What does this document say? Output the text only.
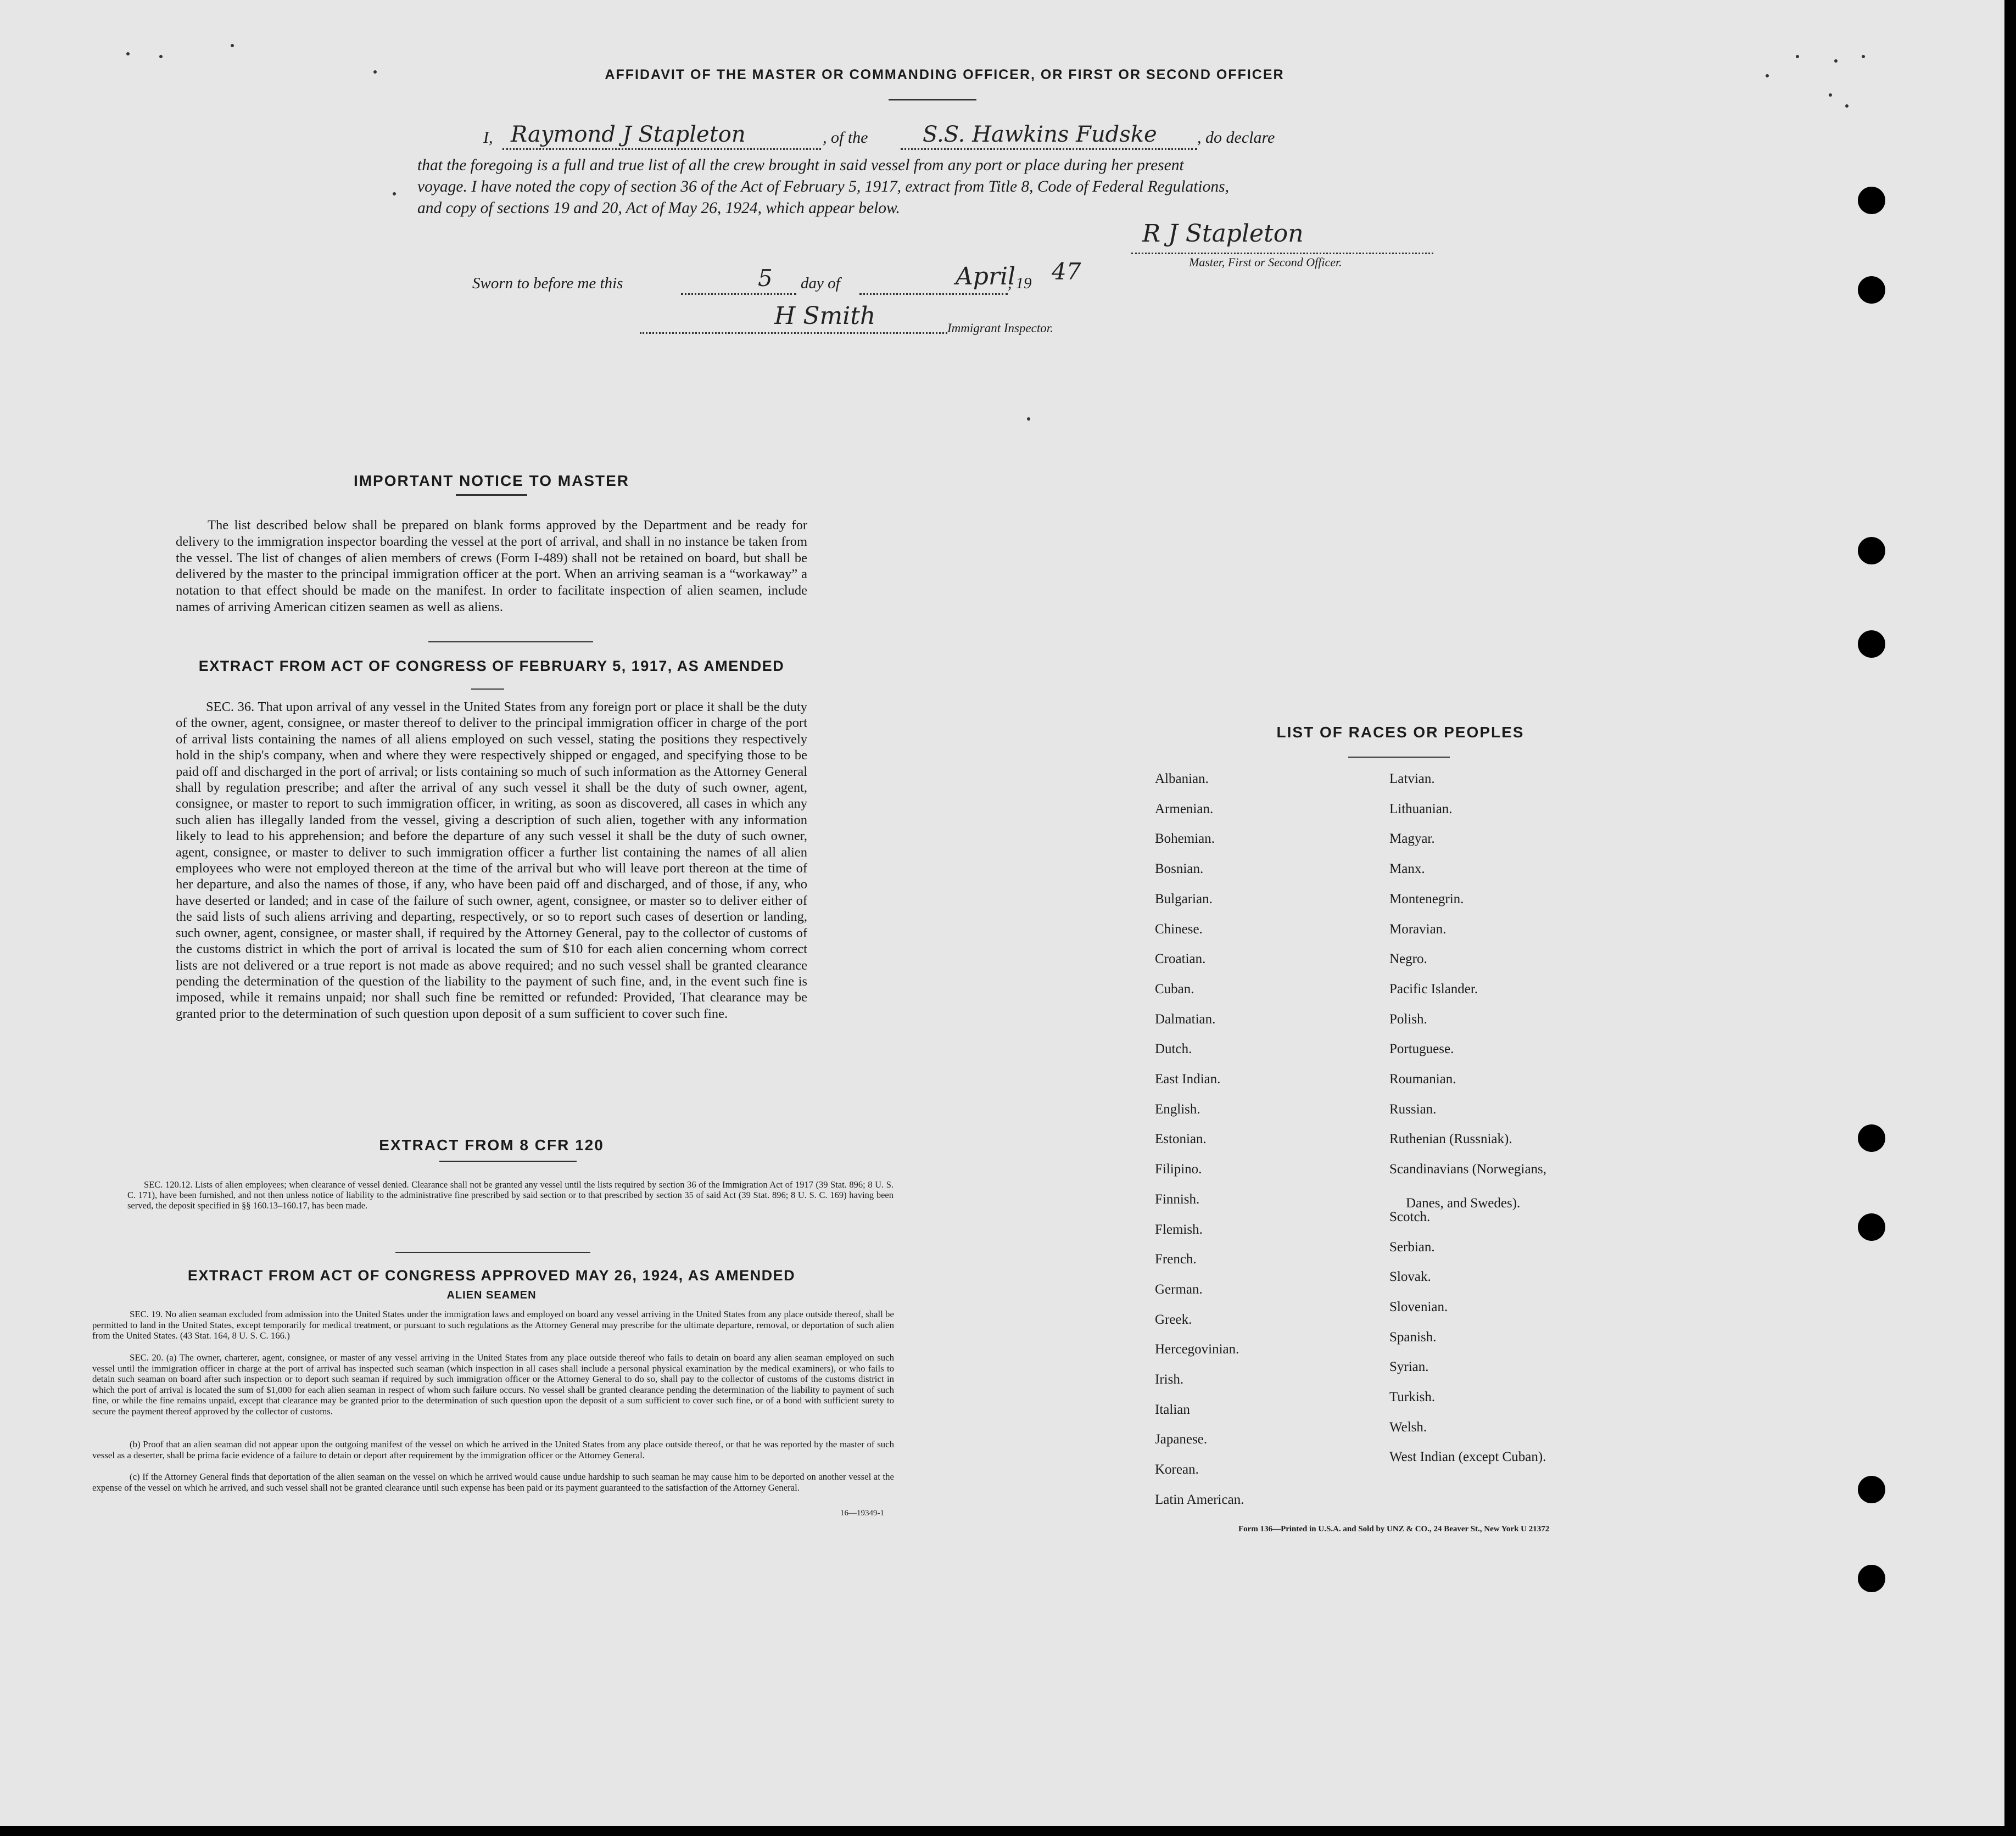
AFFIDAVIT OF THE MASTER OR COMMANDING OFFICER, OR FIRST OR SECOND OFFICER
I, Raymond J Stapleton	, of the S.S. Hawkins Fudske , do declare
that the foregoing is a full and true list of all the crew brought in said vessel from any port or place during her present
voyage. I have noted the copy of section 36 of the Act of February 5, 1917, extract from Title 8, Code of Federal Regulations,
and copy of sections 19 and 20, Act of May 26, 1924, which appear below.
R J Stapleton
Master, First or Second Officer.
Sworn to before me this	5 day of	April
, 19 47
H Smith	Immigrant Inspector.
IMPORTANT NOTICE TO MASTER
The list described below shall be prepared on blank forms approved by the Department and be ready for delivery to the immigration inspector boarding the vessel at the port of arrival, and shall in no instance be taken from the vessel. The list of changes of alien members of crews (Form I-489) shall not be retained on board, but shall be delivered by the master to the principal immigration officer at the port. When an arriving seaman is a “workaway” a notation to that effect should be made on the manifest. In order to facilitate inspection of alien seamen, include names of arriving American citizen seamen as well as aliens.
EXTRACT FROM ACT OF CONGRESS OF FEBRUARY 5, 1917, AS AMENDED
SEC. 36. That upon arrival of any vessel in the United States from any foreign port or place it shall be the duty of the owner, agent, consignee, or master thereof to deliver to the principal immigration officer in charge of the port of arrival lists containing the names of all aliens employed on such vessel, stating the positions they respectively hold in the ship's company, when and where they were respectively shipped or engaged, and specifying those to be paid off and discharged in the port of arrival; or lists containing so much of such information as the Attorney General shall by regulation prescribe; and after the arrival of any such vessel it shall be the duty of such owner, agent, consignee, or master to report to such immigration officer, in writing, as soon as discovered, all cases in which any such alien has illegally landed from the vessel, giving a description of such alien, together with any information likely to lead to his apprehension; and before the departure of any such vessel it shall be the duty of such owner, agent, consignee, or master to deliver to such immigration officer a further list containing the names of all alien employees who were not employed thereon at the time of the arrival but who will leave port thereon at the time of her departure, and also the names of those, if any, who have been paid off and discharged, and of those, if any, who have deserted or landed; and in case of the failure of such owner, agent, consignee, or master so to deliver either of the said lists of such aliens arriving and departing, respectively, or so to report such cases of desertion or landing, such owner, agent, consignee, or master shall, if required by the Attorney General, pay to the collector of customs of the customs district in which the port of arrival is located the sum of $10 for each alien concerning whom correct lists are not delivered or a true report is not made as above required; and no such vessel shall be granted clearance pending the determination of the question of the liability to the payment of such fine, and, in the event such fine is imposed, while it remains unpaid; nor shall such fine be remitted or refunded: Provided, That clearance may be granted prior to the determination of such question upon deposit of a sum sufficient to cover such fine.
EXTRACT FROM 8 CFR 120
SEC. 120.12. Lists of alien employees; when clearance of vessel denied. Clearance shall not be granted any vessel until the lists required by section 36 of the Immigration Act of 1917 (39 Stat. 896; 8 U. S. C. 171), have been furnished, and not then unless notice of liability to the administrative fine prescribed by said section or to that prescribed by section 35 of said Act (39 Stat. 896; 8 U. S. C. 169) having been served, the deposit specified in §§ 160.13–160.17, has been made.
EXTRACT FROM ACT OF CONGRESS APPROVED MAY 26, 1924, AS AMENDED
ALIEN SEAMEN
SEC. 19. No alien seaman excluded from admission into the United States under the immigration laws and employed on board any vessel arriving in the United States from any place outside thereof, shall be permitted to land in the United States, except temporarily for medical treatment, or pursuant to such regulations as the Attorney General may prescribe for the ultimate departure, removal, or deportation of such alien from the United States. (43 Stat. 164, 8 U. S. C. 166.)
SEC. 20. (a) The owner, charterer, agent, consignee, or master of any vessel arriving in the United States from any place outside thereof who fails to detain on board any alien seaman employed on such vessel until the immigration officer in charge at the port of arrival has inspected such seaman (which inspection in all cases shall include a personal physical examination by the medical examiners), or who fails to detain such seaman on board after such inspection or to deport such seaman if required by such immigration officer or the Attorney General to do so, shall pay to the collector of customs of the customs district in which the port of arrival is located the sum of $1,000 for each alien seaman in respect of whom such failure occurs. No vessel shall be granted clearance pending the determination of the liability to payment of such fine, or while the fine remains unpaid, except that clearance may be granted prior to the determination of such question upon the deposit of a sum sufficient to cover such fine, or of a bond with sufficient surety to secure the payment thereof approved by the collector of customs.
(b) Proof that an alien seaman did not appear upon the outgoing manifest of the vessel on which he arrived in the United States from any place outside thereof, or that he was reported by the master of such vessel as a deserter, shall be prima facie evidence of a failure to detain or deport after requirement by the immigration officer or the Attorney General.
(c) If the Attorney General finds that deportation of the alien seaman on the vessel on which he arrived would cause undue hardship to such seaman he may cause him to be deported on another vessel at the expense of the vessel on which he arrived, and such vessel shall not be granted clearance until such expense has been paid or its payment guaranteed to the satisfaction of the Attorney General.
16—19349-1
LIST OF RACES OR PEOPLES
Albanian.
Armenian.
Bohemian.
Bosnian.
Bulgarian.
Chinese.
Croatian.
Cuban.
Dalmatian.
Dutch.
East Indian.
English.
Estonian.
Filipino.
Finnish.
Flemish.
French.
German.
Greek.
Hercegovinian.
Irish.
Italian
Japanese.
Korean.
Latin American.
Latvian.
Lithuanian.
Magyar.
Manx.
Montenegrin.
Moravian.
Negro.
Pacific Islander.
Polish.
Portuguese.
Roumanian.
Russian.
Ruthenian (Russniak).
Scandinavians (Norwegians,
Danes, and Swedes).
Scotch.
Serbian.
Slovak.
Slovenian.
Spanish.
Syrian.
Turkish.
Welsh.
West Indian (except Cuban).
Form 136—Printed in U.S.A. and Sold by UNZ & CO., 24 Beaver St., New York U 21372
